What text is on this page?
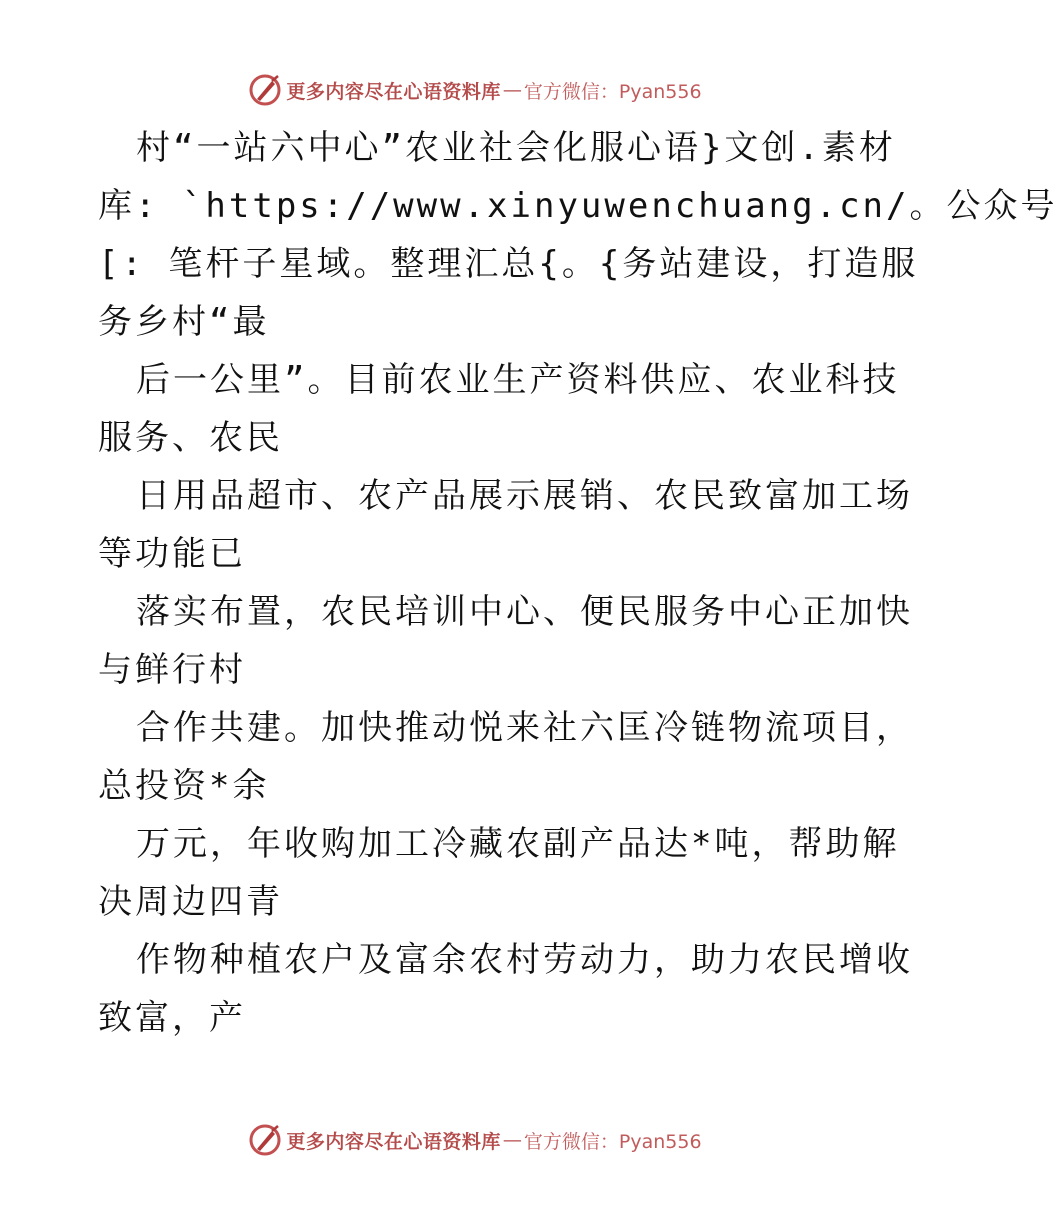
更多内容尽在心语资料库 — 官方微信：Pyan556
村“一站六中心”农业社会化服心语}文创.素材
库: `https://www.xinyuwenchuang.cn/。公众号
[: 笔杆子星域。整理汇总{。{务站建设，打造服
务乡村“最
后一公里”。目前农业生产资料供应、农业科技
服务、农民
日用品超市、农产品展示展销、农民致富加工场
等功能已
落实布置，农民培训中心、便民服务中心正加快
与鲜行村
合作共建。加快推动悦来社六匡冷链物流项目，
总投资*余
万元，年收购加工冷藏农副产品达*吨，帮助解
决周边四青
作物种植农户及富余农村劳动力，助力农民增收
致富，产
更多内容尽在心语资料库 — 官方微信：Pyan556
